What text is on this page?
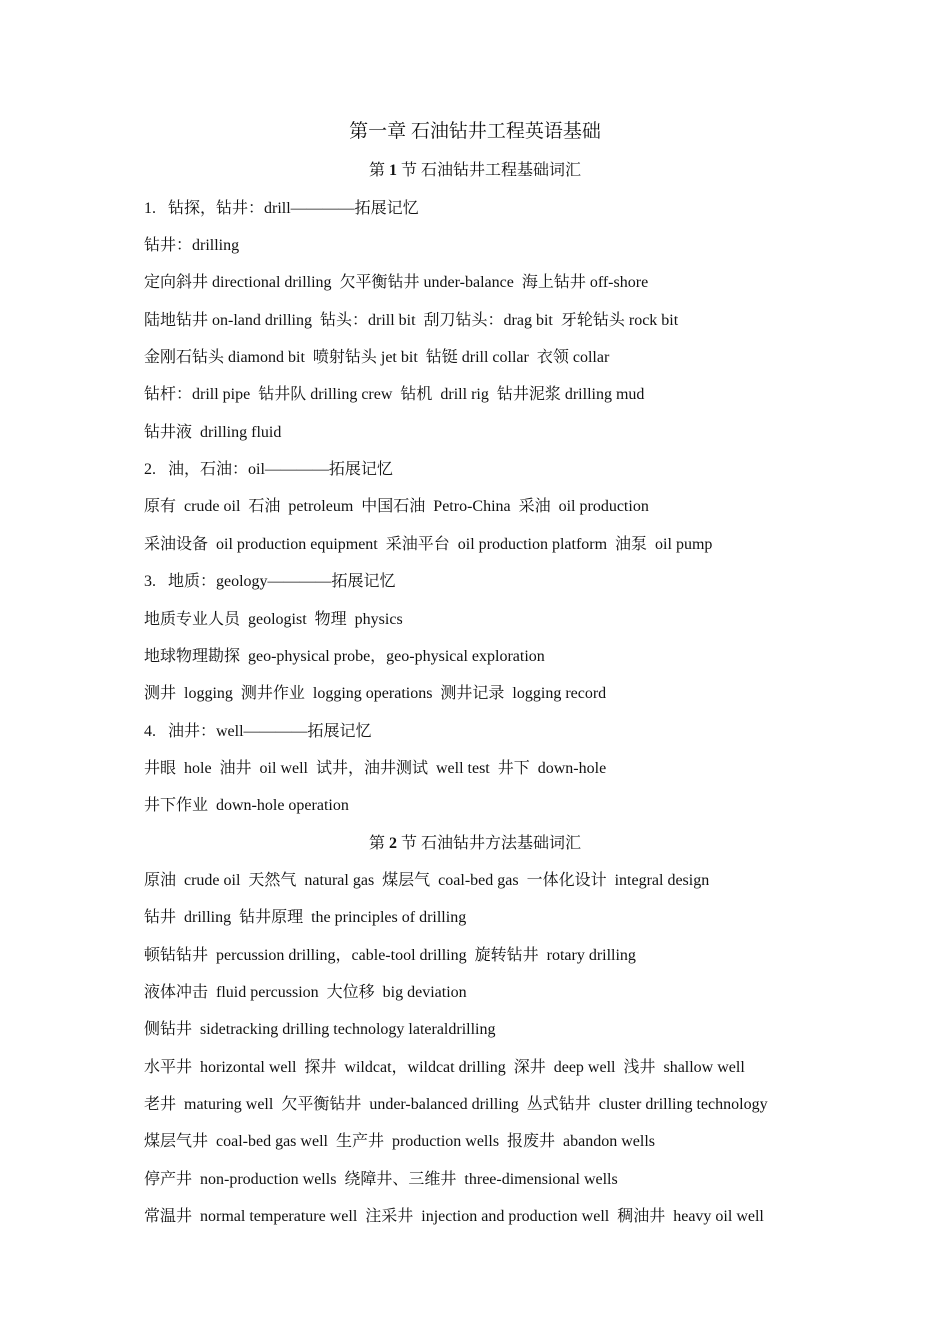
第一章 石油钻井工程英语基础
第 1 节 石油钻井工程基础词汇
1.   钻探，钻井：drill————拓展记忆
钻井：drilling
定向斜井 directional drilling  欠平衡钻井 under-balance  海上钻井 off-shore
陆地钻井 on-land drilling  钻头：drill bit  刮刀钻头：drag bit  牙轮钻头 rock bit
金刚石钻头 diamond bit  喷射钻头 jet bit  钻铤 drill collar  衣领 collar
钻杆：drill pipe  钻井队 drilling crew  钻机  drill rig  钻井泥浆 drilling mud
钻井液  drilling fluid
2.   油，石油：oil————拓展记忆
原有  crude oil  石油  petroleum  中国石油  Petro-China  采油  oil production
采油设备  oil production equipment  采油平台  oil production platform  油泵  oil pump
3.   地质：geology————拓展记忆
地质专业人员  geologist  物理  physics
地球物理勘探  geo-physical probe，geo-physical exploration
测井  logging  测井作业  logging operations  测井记录  logging record
4.   油井：well————拓展记忆
井眼  hole  油井  oil well  试井，油井测试  well test  井下  down-hole
井下作业  down-hole operation
第 2 节 石油钻井方法基础词汇
原油  crude oil  天然气  natural gas  煤层气  coal-bed gas  一体化设计  integral design
钻井  drilling  钻井原理  the principles of drilling
顿钻钻井  percussion drilling，cable-tool drilling  旋转钻井  rotary drilling
液体冲击  fluid percussion  大位移  big deviation
侧钻井  sidetracking drilling technology lateraldrilling
水平井  horizontal well  探井  wildcat，wildcat drilling  深井  deep well  浅井  shallow well
老井  maturing well  欠平衡钻井  under-balanced drilling  丛式钻井  cluster drilling technology
煤层气井  coal-bed gas well  生产井  production wells  报废井  abandon wells
停产井  non-production wells  绕障井、三维井  three-dimensional wells
常温井  normal temperature well  注采井  injection and production well  稠油井  heavy oil well
